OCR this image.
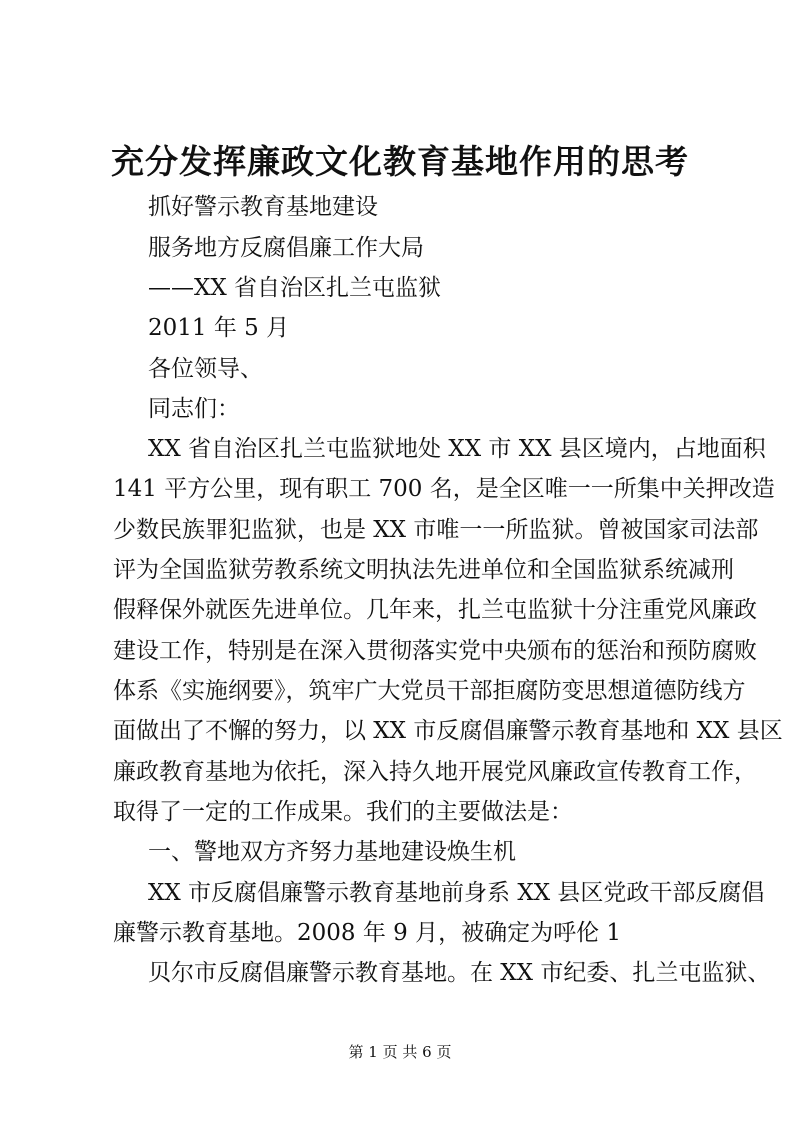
充分发挥廉政文化教育基地作用的思考
抓好警示教育基地建设
服务地方反腐倡廉工作大局
——XX 省自治区扎兰屯监狱
2011 年 5 月
各位领导、
同志们：
XX 省自治区扎兰屯监狱地处 XX 市 XX 县区境内，占地面积
141 平方公里，现有职工 700 名，是全区唯一一所集中关押改造
少数民族罪犯监狱，也是 XX 市唯一一所监狱。曾被国家司法部
评为全国监狱劳教系统文明执法先进单位和全国监狱系统减刑
假释保外就医先进单位。几年来，扎兰屯监狱十分注重党风廉政
建设工作，特别是在深入贯彻落实党中央颁布的惩治和预防腐败
体系《实施纲要》，筑牢广大党员干部拒腐防变思想道德防线方
面做出了不懈的努力，以 XX 市反腐倡廉警示教育基地和 XX 县区
廉政教育基地为依托，深入持久地开展党风廉政宣传教育工作，
取得了一定的工作成果。我们的主要做法是：
一、警地双方齐努力基地建设焕生机
XX 市反腐倡廉警示教育基地前身系 XX 县区党政干部反腐倡
廉警示教育基地。2008 年 9 月，被确定为呼伦 1
贝尔市反腐倡廉警示教育基地。在 XX 市纪委、扎兰屯监狱、
第 1 页 共 6 页
